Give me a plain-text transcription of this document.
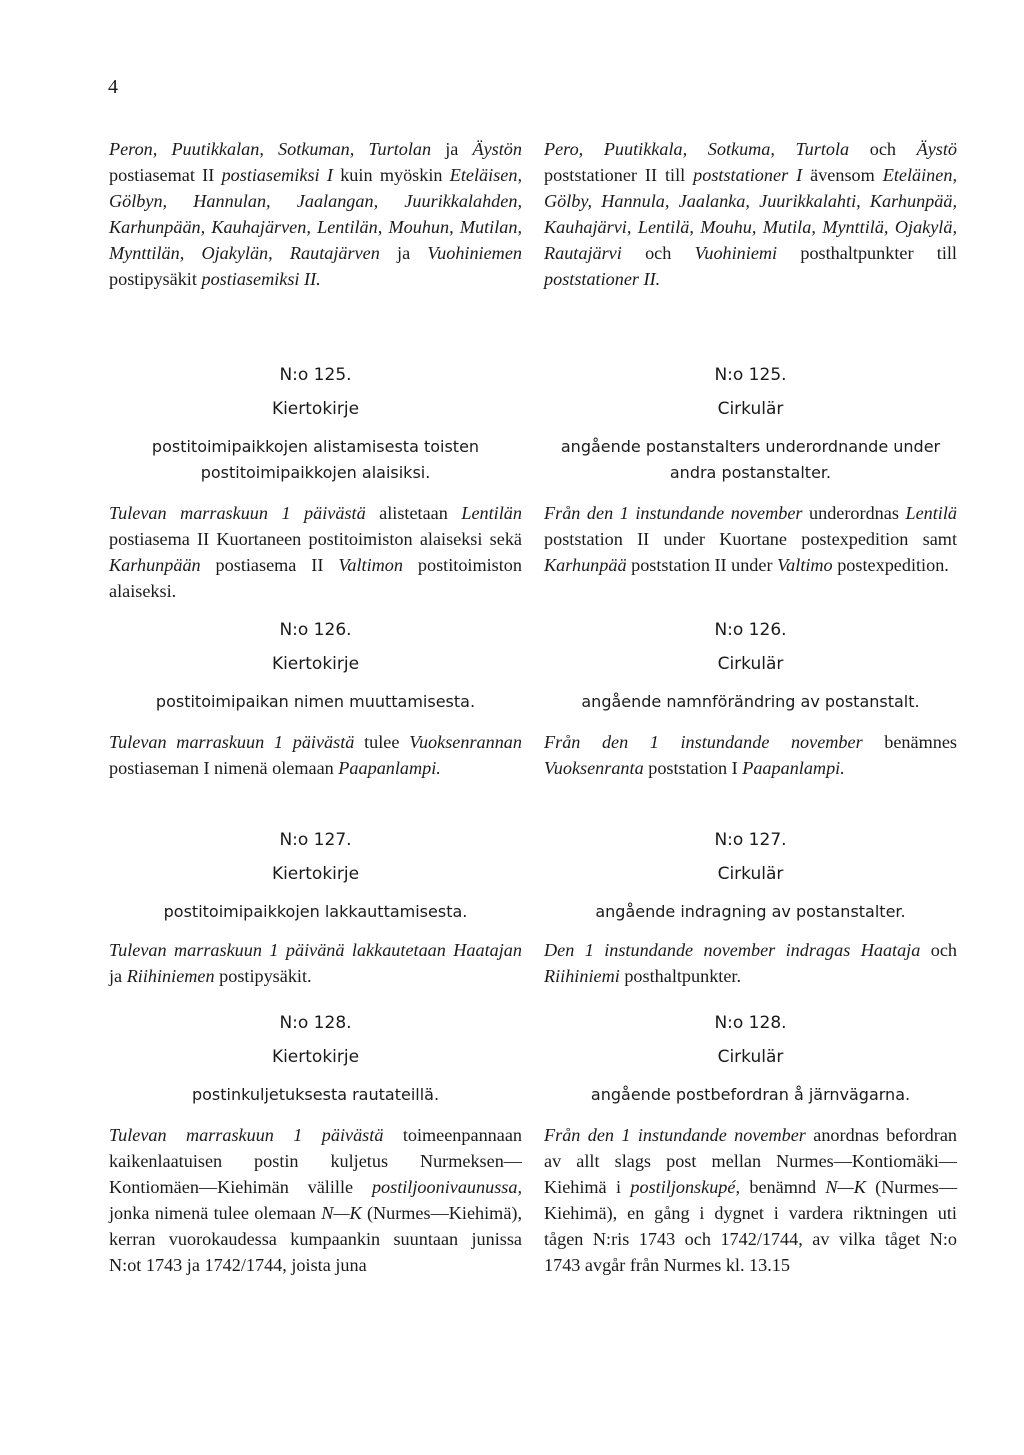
4

Peron, Puutikkalan, Sotkuman, Turtolan ja Äystön postiasemat II postiasemiksi I kuin myöskin Eteläisen, Gölbyn, Hannulan, Jaalangan, Juurikkalahden, Karhunpään, Kauhajärven, Lentilän, Mouhun, Mutilan, Mynttilän, Ojakylän, Rautajärven ja Vuohiniemen postipysäkit postiasemiksi II.

N:o 125.

Kiertokirje

postitoimipaikkojen alistamisesta toisten postitoimipaikkojen alaisiksi.

Tulevan marraskuun 1 päivästä alistetaan Lentilän postiasema II Kuortaneen postitoimiston alaiseksi sekä Karhunpään postiasema II Valtimon postitoimiston alaiseksi.

N:o 126.

Kiertokirje

postitoimipaikan nimen muuttamisesta.

Tulevan marraskuun 1 päivästä tulee Vuoksenrannan postiaseman I nimenä olemaan Paapanlampi.

N:o 127.

Kiertokirje

postitoimipaikkojen lakkauttamisesta.

Tulevan marraskuun 1 päivänä lakkautetaan Haatajan ja Riihiniemen postipysäkit.

N:o 128.

Kiertokirje

postinkuljetuksesta rautateillä.

Tulevan marraskuun 1 päivästä toimeenpannaan kaikenlaatuisen postin kuljetus Nurmeksen—Kontiomäen—Kiehimän välille postiljoonivaunussa, jonka nimenä tulee olemaan N—K (Nurmes—Kiehimä), kerran vuorokaudessa kumpaankin suuntaan junissa N:ot 1743 ja 1742/1744, joista juna

Pero, Puutikkala, Sotkuma, Turtola och Äystö poststationer II till poststationer I ävensom Eteläinen, Gölby, Hannula, Jaalanka, Juurikkalahti, Karhunpää, Kauhajärvi, Lentilä, Mouhu, Mutila, Mynttilä, Ojakylä, Rautajärvi och Vuohiniemi posthaltpunkter till poststationer II.

N:o 125.

Cirkulär

angående postanstalters underordnande under andra postanstalter.

Från den 1 instundande november underordnas Lentilä poststation II under Kuortane postexpedition samt Karhunpää poststation II under Valtimo postexpedition.

N:o 126.

Cirkulär

angående namnförändring av postanstalt.

Från den 1 instundande november benämnes Vuoksenranta poststation I Paapanlampi.

N:o 127.

Cirkulär

angående indragning av postanstalter.

Den 1 instundande november indragas Haataja och Riihiniemi posthaltpunkter.

N:o 128.

Cirkulär

angående postbefordran å järnvägarna.

Från den 1 instundande november anordnas befordran av allt slags post mellan Nurmes—Kontiomäki—Kiehimä i postiljonskupé, benämnd N—K (Nurmes—Kiehimä), en gång i dygnet i vardera riktningen uti tågen N:ris 1743 och 1742/1744, av vilka tåget N:o 1743 avgår från Nurmes kl. 13.15
